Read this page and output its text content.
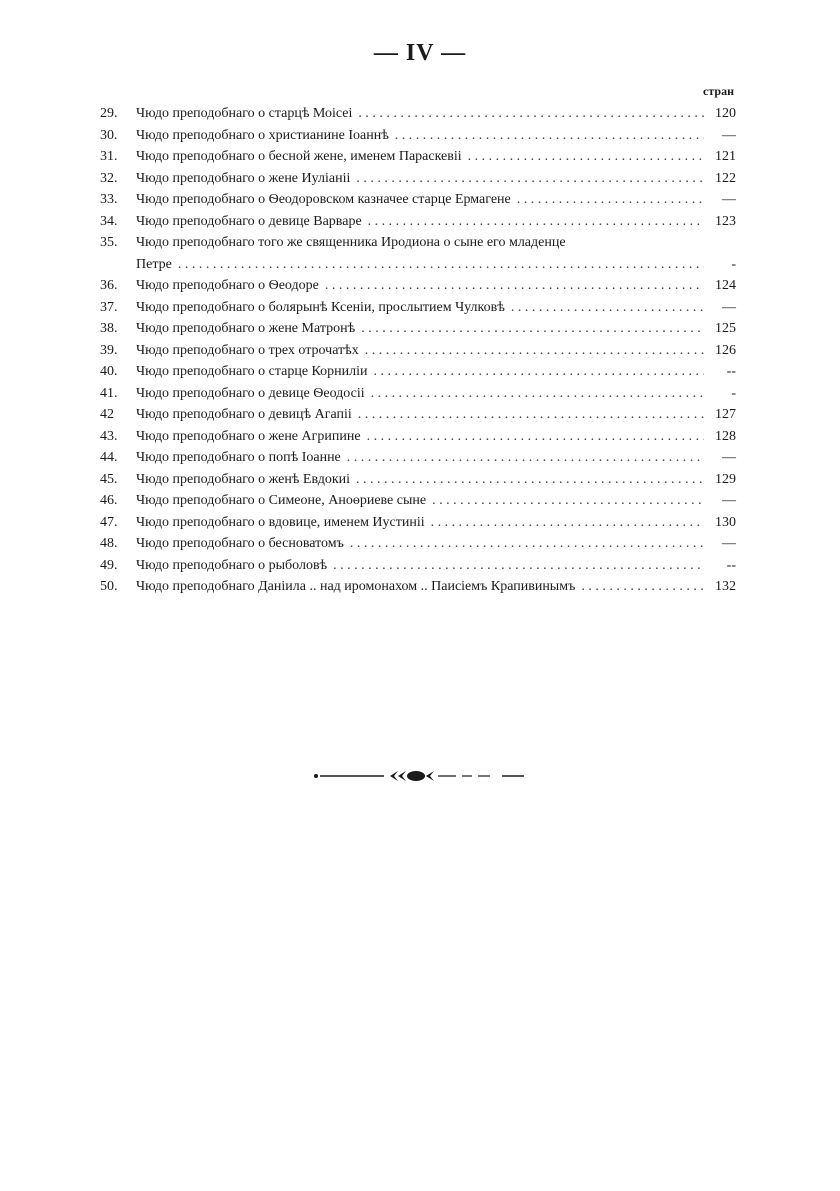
— IV —
стран
29.	Чюдо преподобнаго о старцѣ Моісеі . . .	120
30.	Чюдо преподобнаго о христианине Іоаннѣ . . .	—
31.	Чюдо преподобнаго о бесной жене, именем Параскевіі . . .	121
32.	Чюдо преподобнаго о жене Иуліаніі . . .	122
33.	Чюдо преподобнаго о Ѳеодоровском казначее старце Ермагене . . .	—
34.	Чюдо преподобнаго о девице Варваре . . .	123
35.	Чюдо преподобнаго того же священника Иродиона о сыне его младенце
Петре . . .	-
36.	Чюдо преподобнаго о Ѳеодоре . . .	124
37.	Чюдо преподобнаго о болярынѣ Ксеніи, прослытием Чулковѣ . . .	—
38.	Чюдо преподобнаго о жене Матронѣ . . .	125
39.	Чюдо преподобнаго о трех отрочатѣх . . .	126
40.	Чюдо преподобнаго о старце Корниліи . . .	--
41.	Чюдо преподобнаго о девице Ѳеодосіі . . .	-
42	Чюдо преподобнаго о девицѣ Агапіі . . .	127
43.	Чюдо преподобнаго о жене Агрипине . . .	128
44.	Чюдо преподобнаго о попѣ Іоанне . . .	—
45.	Чюдо преподобнаго о женѣ Евдокиі . . .	129
46.	Чюдо преподобнаго о Симеоне, Аноѳриеве сыне . . .	—
47.	Чюдо преподобнаго о вдовице, именем Иустиніі . . .	130
48.	Чюдо преподобнаго о бесноватомъ . . .	—
49.	Чюдо преподобнаго о рыболовѣ . . .	--
50.	Чюдо преподобнаго Даніила .. над иромонахом .. Паисіемъ Крапивинымъ . . .	132
